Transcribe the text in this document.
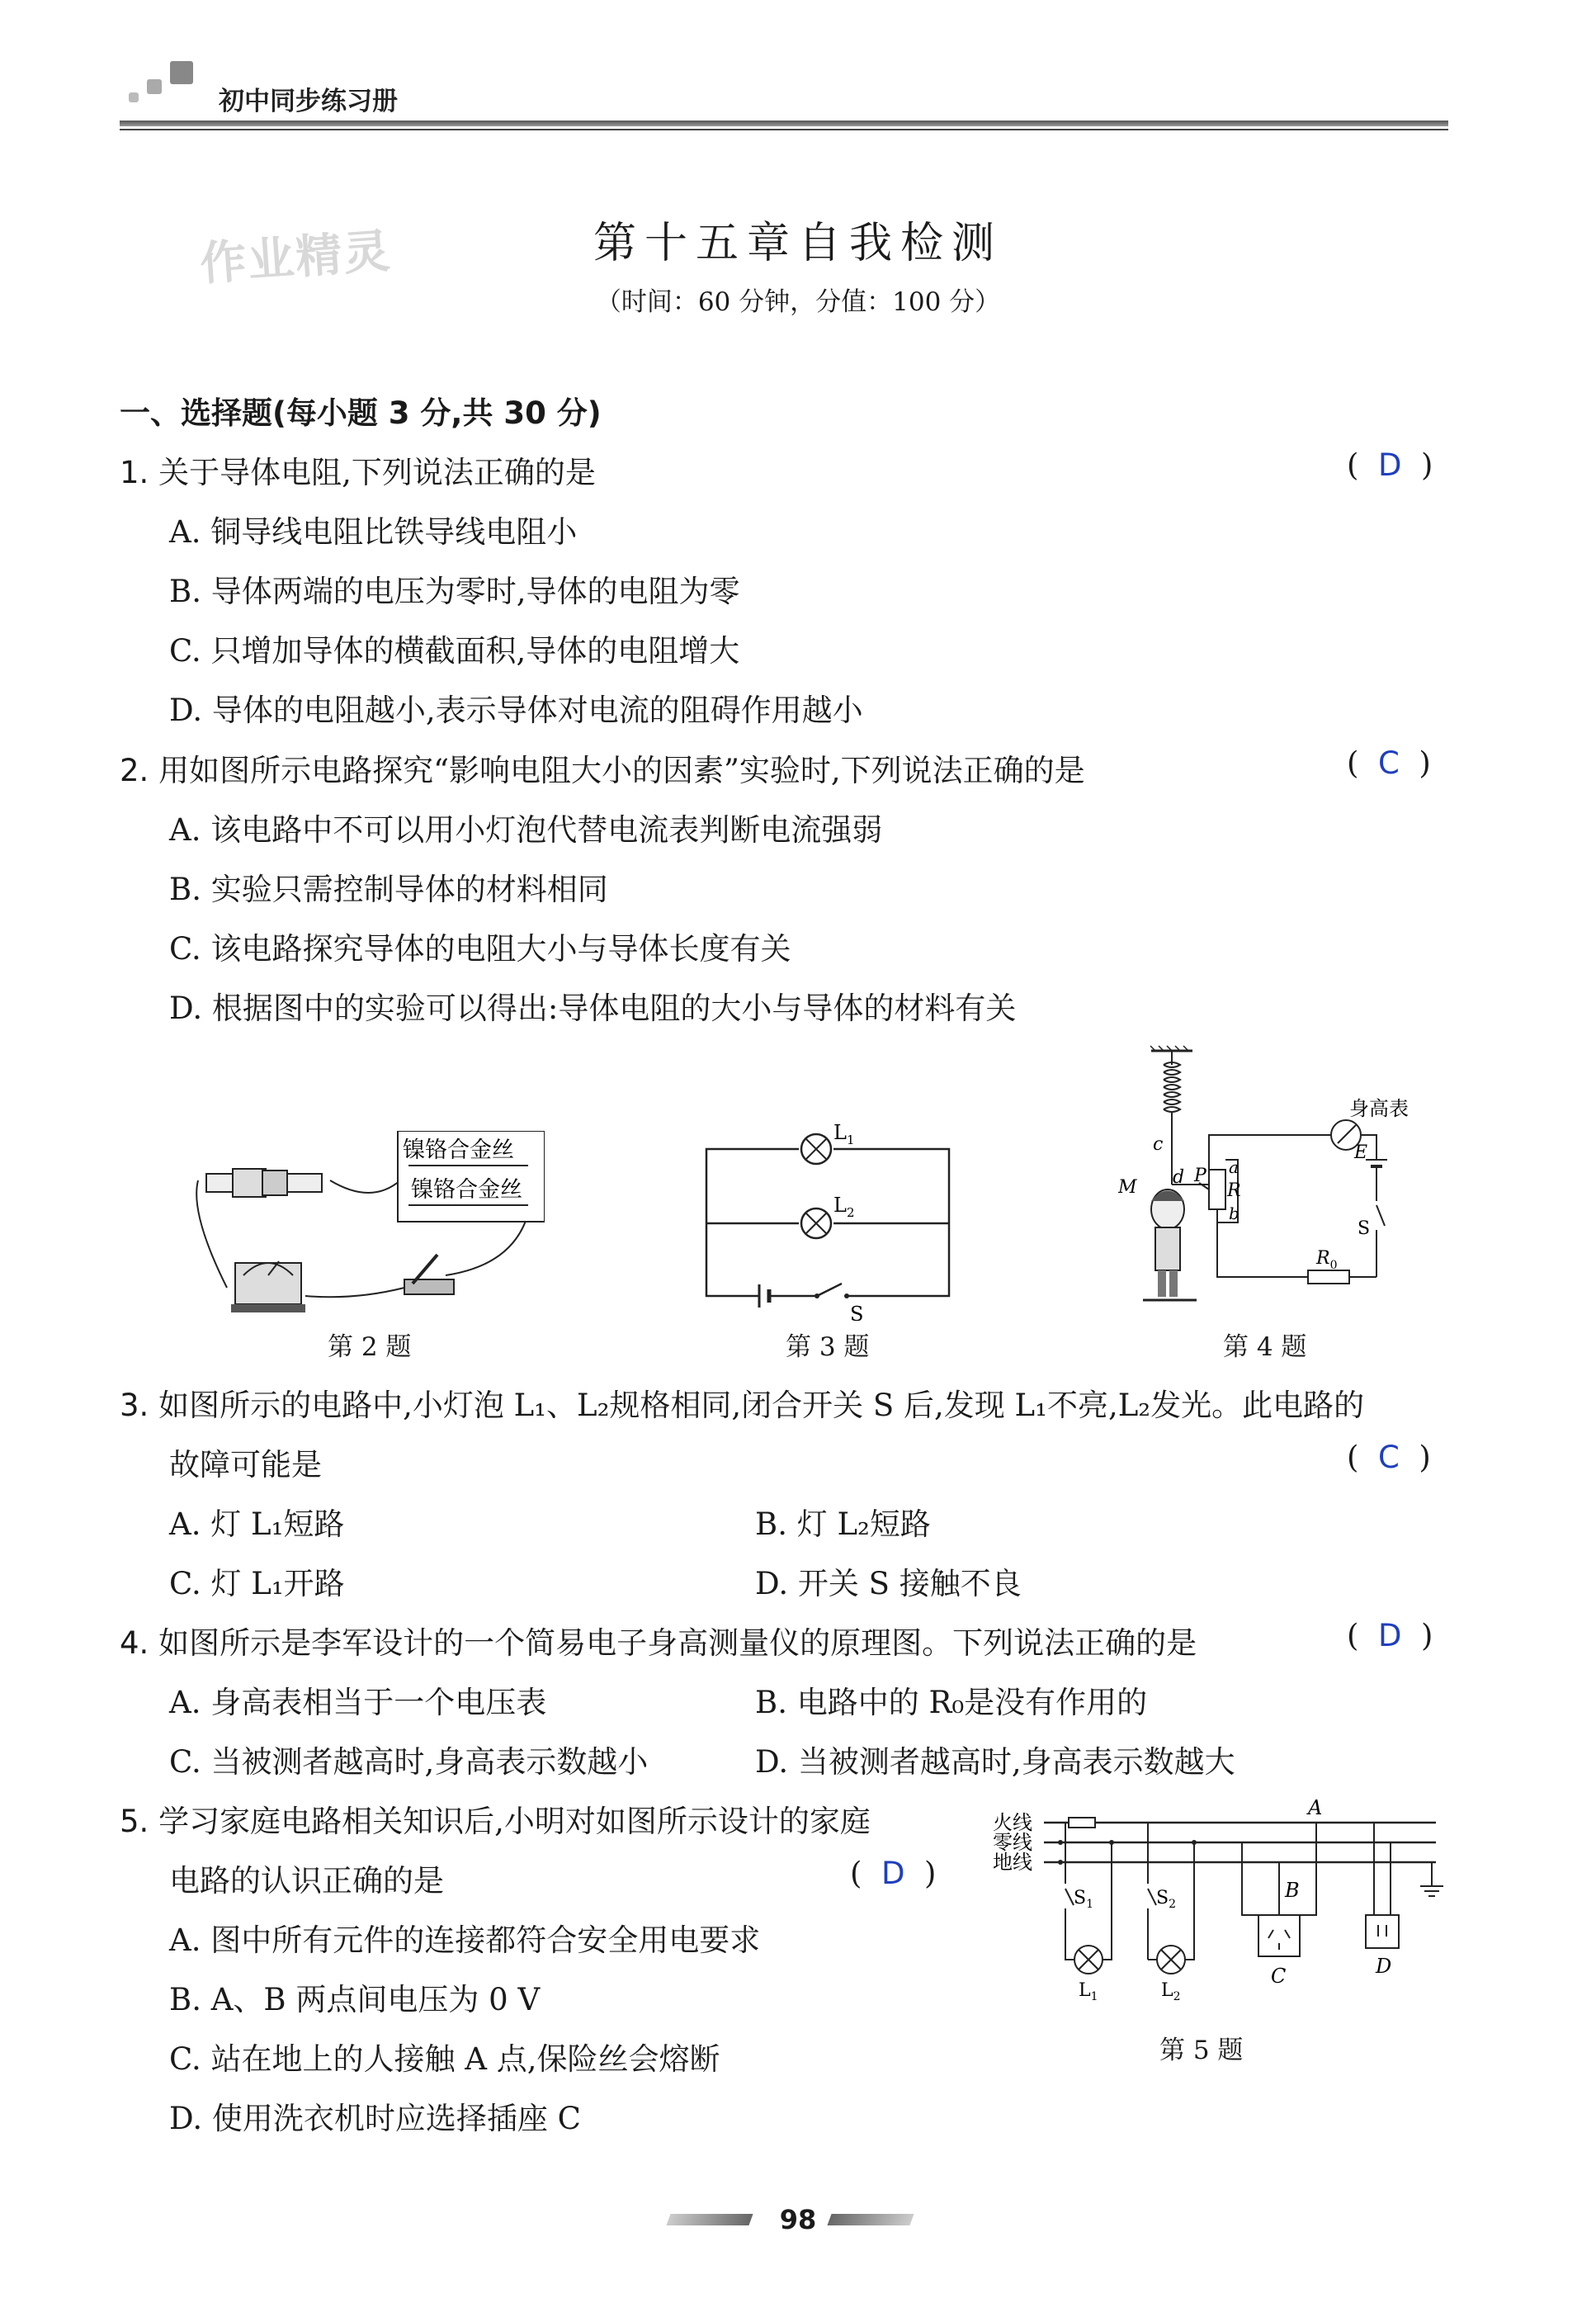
初中同步练习册
作业精灵	第十五章自我检测
（时间：60 分钟，分值：100 分）
一、选择题(每小题 3 分,共 30 分)
1. 关于导体电阻,下列说法正确的是	(  D  )
A. 铜导线电阻比铁导线电阻小
B. 导体两端的电压为零时,导体的电阻为零
C. 只增加导体的横截面积,导体的电阻增大
D. 导体的电阻越小,表示导体对电流的阻碍作用越小
2. 用如图所示电路探究“影响电阻大小的因素”实验时,下列说法正确的是	(  C  )
A. 该电路中不可以用小灯泡代替电流表判断电流强弱
B. 实验只需控制导体的材料相同
C. 该电路探究导体的电阻大小与导体长度有关
D. 根据图中的实验可以得出:导体电阻的大小与导体的材料有关
镍铬合金丝
镍铬合金丝
第 2 题
$L_1$
$L_2$
S
第 3 题
身高表
c
M d P a
R
b
E
S
$R_0$
第 4 题
3. 如图所示的电路中,小灯泡 L₁、L₂规格相同,闭合开关 S 后,发现 L₁不亮,L₂发光。此电路的
故障可能是	(  C  )
A. 灯 L₁短路	B. 灯 L₂短路
C. 灯 L₁开路	D. 开关 S 接触不良
4. 如图所示是李军设计的一个简易电子身高测量仪的原理图。下列说法正确的是	(  D  )
A. 身高表相当于一个电压表	B. 电路中的 R₀是没有作用的
C. 当被测者越高时,身高表示数越小	D. 当被测者越高时,身高表示数越大
5. 学习家庭电路相关知识后,小明对如图所示设计的家庭
电路的认识正确的是	(  D  )
A. 图中所有元件的连接都符合安全用电要求
B. A、B 两点间电压为 0 V
C. 站在地上的人接触 A 点,保险丝会熔断
D. 使用洗衣机时应选择插座 C
火线
零线
地线
A
B
C	D
$S_1$	$S_2$
$L_1$	$L_2$
第 5 题
98
